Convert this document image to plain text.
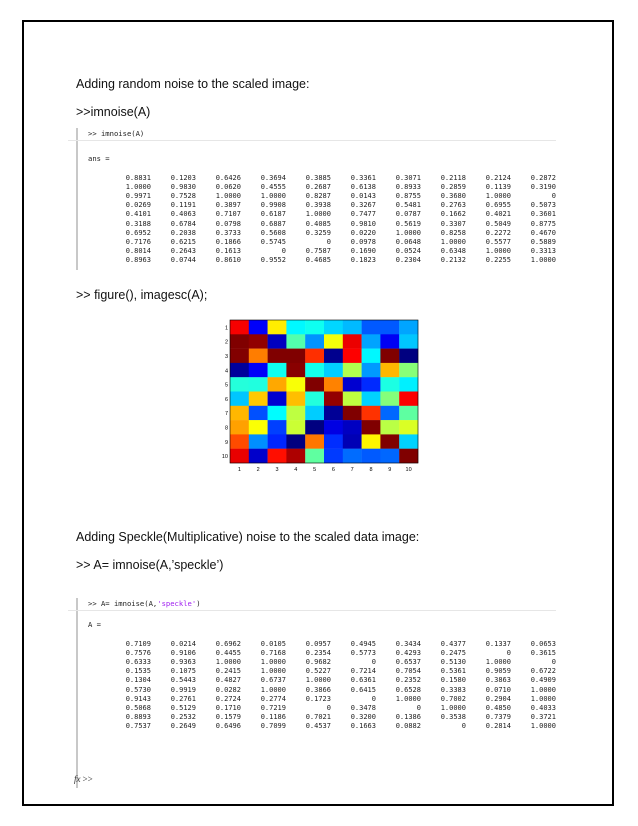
Adding random noise to the scaled image:
>>imnoise(A)
>> imnoise(A)
ans =
0.8831	0.1203	0.6426	0.3694	0.3885	0.3361	0.3071	0.2118	0.2124	0.2872
1.0000	0.9830	0.0620	0.4555	0.2687	0.6138	0.8933	0.2859	0.1139	0.3190
0.9971	0.7528	1.0000	1.0000	0.8287	0.0143	0.8755	0.3680	1.0000	0
0.0269	0.1191	0.3897	0.9908	0.3938	0.3267	0.5481	0.2763	0.6955	0.5073
0.4101	0.4063	0.7107	0.6187	1.0000	0.7477	0.0787	0.1662	0.4021	0.3601
0.3188	0.6784	0.0798	0.6887	0.4085	0.9810	0.5619	0.3307	0.5049	0.8775
0.6952	0.2038	0.3733	0.5608	0.3259	0.0220	1.0000	0.8258	0.2272	0.4670
0.7176	0.6215	0.1866	0.5745	0	0.0978	0.0648	1.0000	0.5577	0.5889
0.8014	0.2643	0.1613	0	0.7587	0.1690	0.0524	0.6348	1.0000	0.3313
0.8963	0.0744	0.8610	0.9552	0.4685	0.1823	0.2304	0.2132	0.2255	1.0000
>> figure(), imagesc(A);
1
2
3
4
5
6
7
8
9
10
1	2	3	4	5	6	7	8	9	10
Adding Speckle(Multiplicative) noise to the scaled data image:
>> A= imnoise(A,’speckle’)
>> A= imnoise(A,'speckle')
A =
0.7109	0.0214	0.6962	0.0105	0.0957	0.4945	0.3434	0.4377	0.1337	0.0653
0.7576	0.9106	0.4455	0.7168	0.2354	0.5773	0.4293	0.2475	0	0.3615
0.6333	0.9363	1.0000	1.0000	0.9682	0	0.6537	0.5130	1.0000	0
0.1535	0.1075	0.2415	1.0000	0.5227	0.7214	0.7054	0.5361	0.9059	0.6722
0.1304	0.5443	0.4827	0.6737	1.0000	0.6361	0.2352	0.1580	0.3863	0.4909
0.5730	0.9919	0.0282	1.0000	0.3866	0.6415	0.6528	0.3383	0.0710	1.0000
0.9143	0.2761	0.2724	0.2774	0.1723	0	1.0000	0.7002	0.2904	1.0000
0.5068	0.5129	0.1710	0.7219	0	0.3478	0	1.0000	0.4850	0.4033
0.8893	0.2532	0.1579	0.1186	0.7021	0.3200	0.1386	0.3538	0.7379	0.3721
0.7537	0.2649	0.6496	0.7099	0.4537	0.1663	0.0882	0	0.2814	1.0000
fx >>
